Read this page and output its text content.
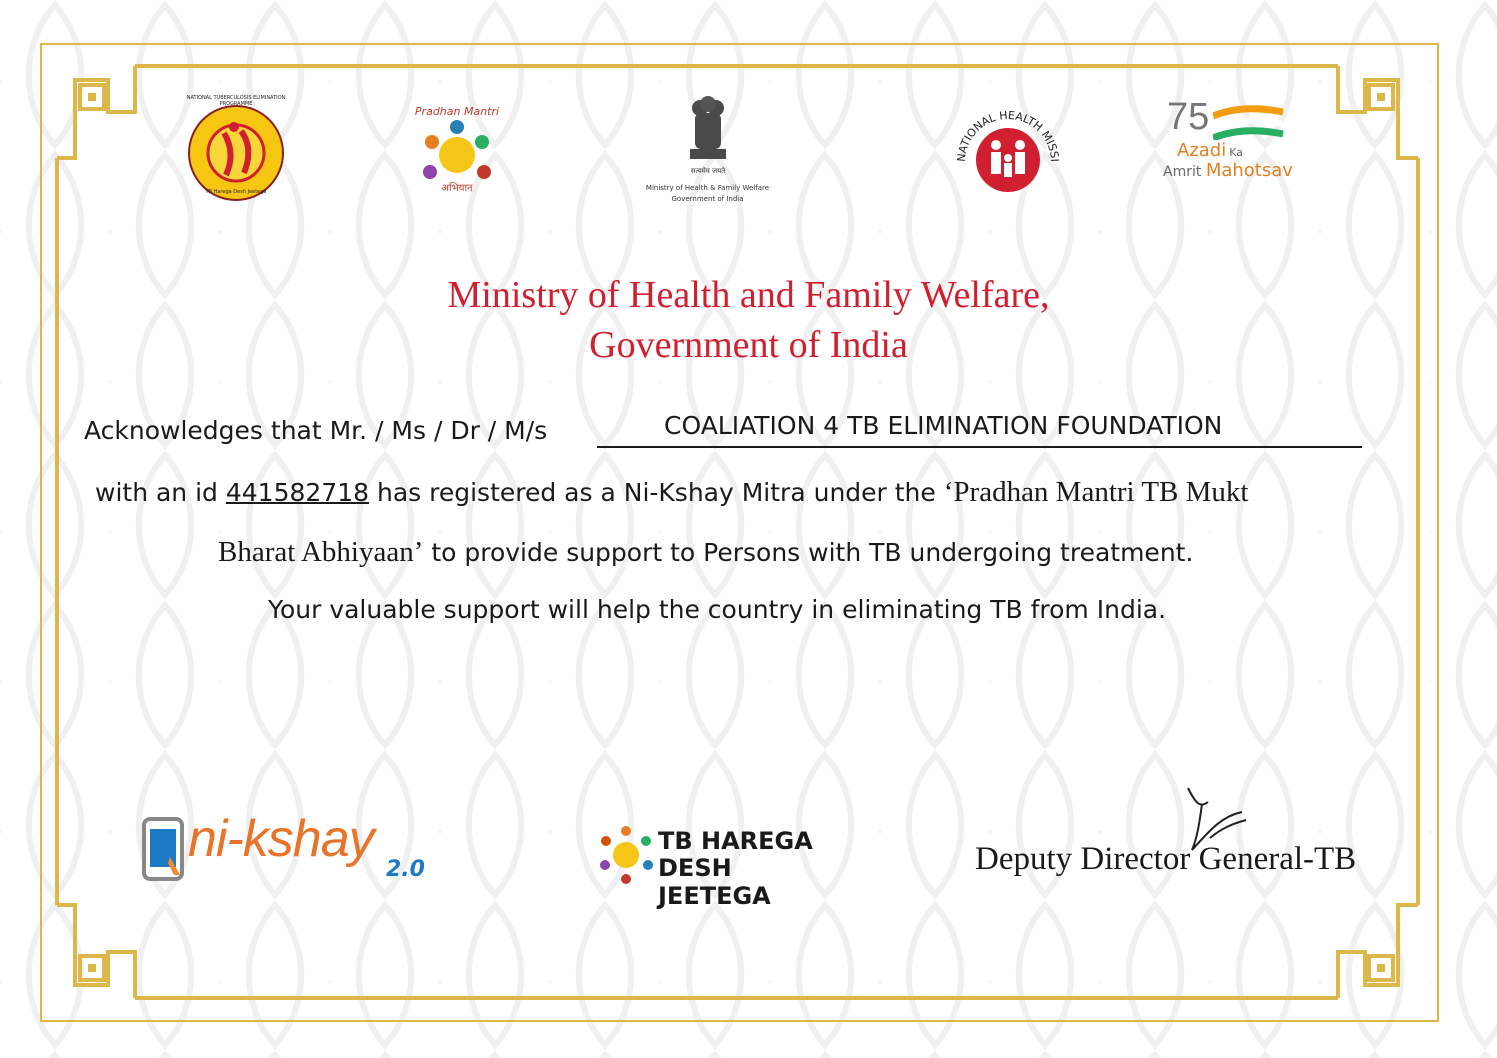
NATIONAL TUBERCULOSIS ELIMINATION PROGRAMME
TB Harega Desh Jeetega
Pradhan Mantri
अभियान
सत्यमेव जयते
Ministry of Health & Family Welfare
Government of India
NATIONAL HEALTH MISSI
75
Azadi Ka
Amrit Mahotsav
Ministry of Health and Family Welfare,
Government of India
Acknowledges that Mr. / Ms / Dr / M/s	COALIATION 4 TB ELIMINATION FOUNDATION
with an id 441582718 has registered as a Ni-Kshay Mitra under the ‘Pradhan Mantri TB Mukt
Bharat Abhiyaan’ to provide support to Persons with TB undergoing treatment.
Your valuable support will help the country in eliminating TB from India.
ni-kshay
2.0
TB HAREGA
DESH JEETEGA
Deputy Director General-TB
